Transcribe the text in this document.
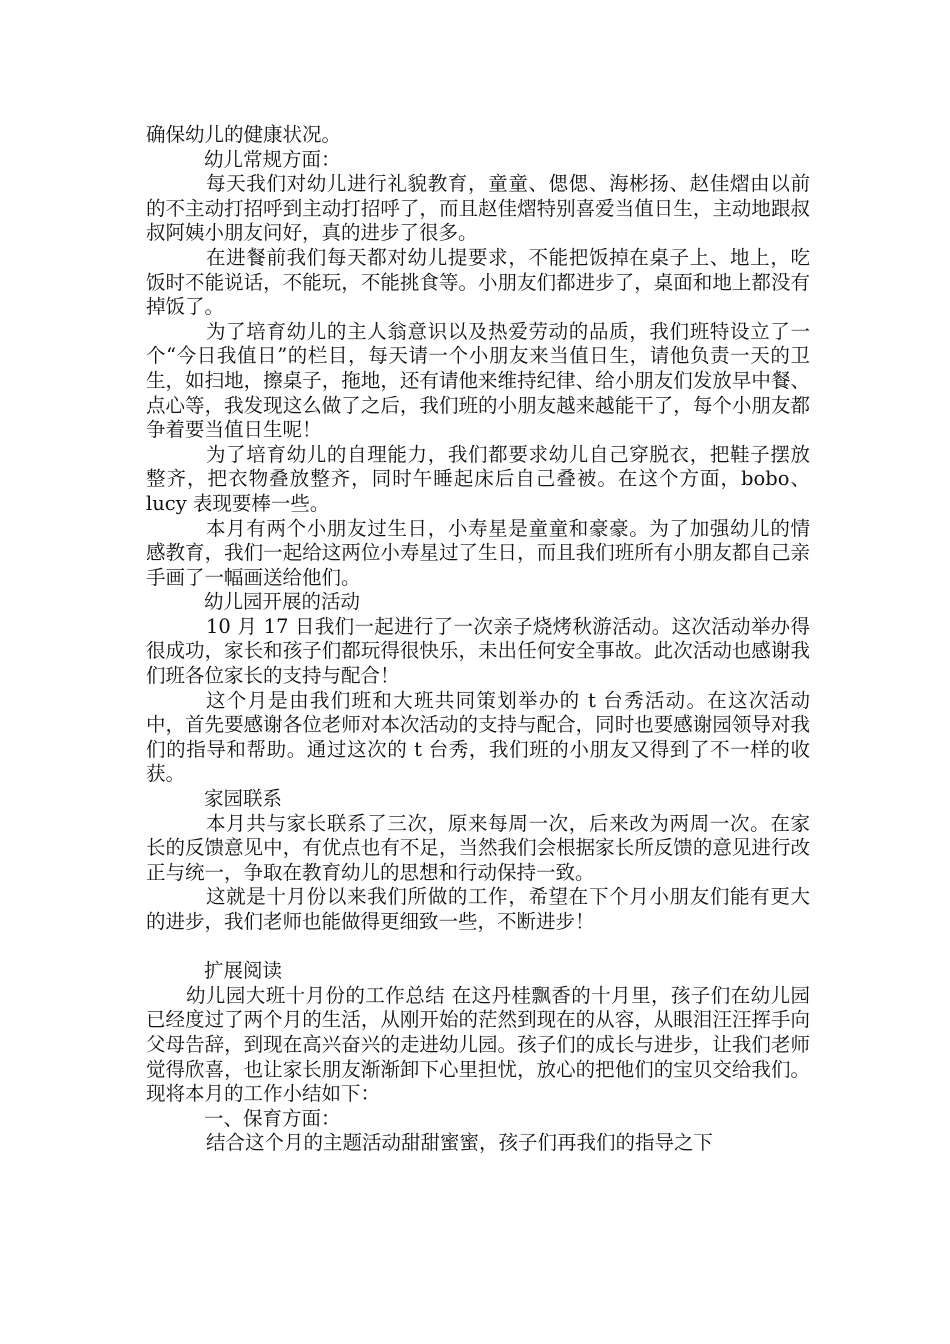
确保幼儿的健康状况。

幼儿常规方面：

每天我们对幼儿进行礼貌教育，童童、偲偲、海彬扬、赵佳熠由以前的不主动打招呼到主动打招呼了，而且赵佳熠特别喜爱当值日生，主动地跟叔叔阿姨小朋友问好，真的进步了很多。

在进餐前我们每天都对幼儿提要求，不能把饭掉在桌子上、地上，吃饭时不能说话，不能玩，不能挑食等。小朋友们都进步了，桌面和地上都没有掉饭了。

为了培育幼儿的主人翁意识以及热爱劳动的品质，我们班特设立了一个“今日我值日”的栏目，每天请一个小朋友来当值日生，请他负责一天的卫生，如扫地，擦桌子，拖地，还有请他来维持纪律、给小朋友们发放早中餐、点心等，我发现这么做了之后，我们班的小朋友越来越能干了，每个小朋友都争着要当值日生呢！

为了培育幼儿的自理能力，我们都要求幼儿自己穿脱衣，把鞋子摆放整齐，把衣物叠放整齐，同时午睡起床后自己叠被。在这个方面，bobo、 lucy 表现要棒一些。

本月有两个小朋友过生日，小寿星是童童和豪豪。为了加强幼儿的情感教育，我们一起给这两位小寿星过了生日，而且我们班所有小朋友都自己亲手画了一幅画送给他们。

幼儿园开展的活动

10 月 17 日我们一起进行了一次亲子烧烤秋游活动。这次活动举办得很成功，家长和孩子们都玩得很快乐，未出任何安全事故。此次活动也感谢我们班各位家长的支持与配合！

这个月是由我们班和大班共同策划举办的 t 台秀活动。在这次活动中，首先要感谢各位老师对本次活动的支持与配合，同时也要感谢园领导对我们的指导和帮助。通过这次的 t 台秀，我们班的小朋友又得到了不一样的收获。

家园联系

本月共与家长联系了三次，原来每周一次，后来改为两周一次。在家长的反馈意见中，有优点也有不足，当然我们会根据家长所反馈的意见进行改正与统一，争取在教育幼儿的思想和行动保持一致。

这就是十月份以来我们所做的工作，希望在下个月小朋友们能有更大的进步，我们老师也能做得更细致一些，不断进步！

扩展阅读

幼儿园大班十月份的工作总结 在这丹桂飘香的十月里，孩子们在幼儿园已经度过了两个月的生活，从刚开始的茫然到现在的从容，从眼泪汪汪挥手向父母告辞，到现在高兴奋兴的走进幼儿园。孩子们的成长与进步，让我们老师觉得欣喜，也让家长朋友渐渐卸下心里担忧，放心的把他们的宝贝交给我们。现将本月的工作小结如下：

一、保育方面：

结合这个月的主题活动甜甜蜜蜜，孩子们再我们的指导之下
